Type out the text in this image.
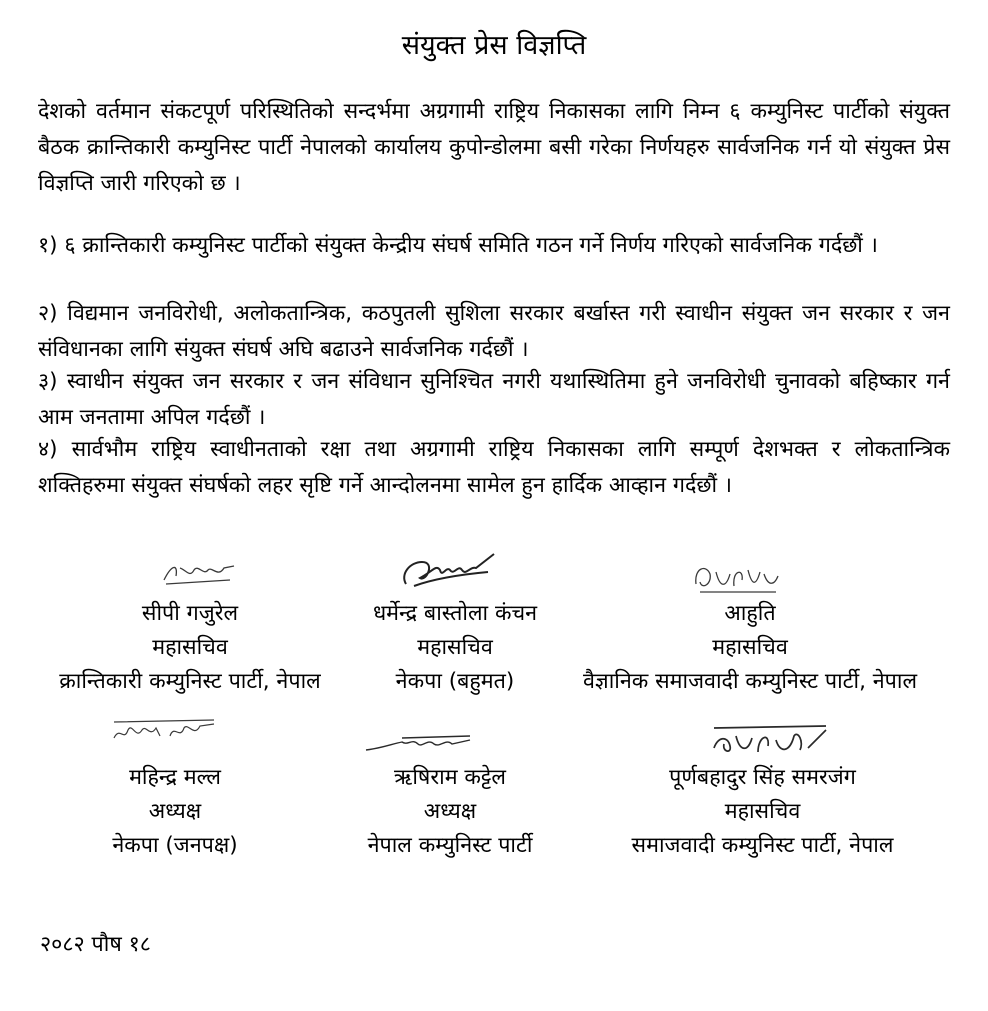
संयुक्त प्रेस विज्ञप्ति

देशको वर्तमान संकटपूर्ण परिस्थितिको सन्दर्भमा अग्रगामी राष्ट्रिय निकासका लागि निम्न ६ कम्युनिस्ट पार्टीको संयुक्त बैठक क्रान्तिकारी कम्युनिस्ट पार्टी नेपालको कार्यालय कुपोन्डोलमा बसी गरेका निर्णयहरु सार्वजनिक गर्न यो संयुक्त प्रेस विज्ञप्ति जारी गरिएको छ ।

१) ६ क्रान्तिकारी कम्युनिस्ट पार्टीको संयुक्त केन्द्रीय संघर्ष समिति गठन गर्ने निर्णय गरिएको सार्वजनिक गर्दछौं ।

२) विद्यमान जनविरोधी, अलोकतान्त्रिक, कठपुतली सुशिला सरकार बर्खास्त गरी स्वाधीन संयुक्त जन सरकार र जन संविधानका लागि संयुक्त संघर्ष अघि बढाउने सार्वजनिक गर्दछौं ।

३) स्वाधीन संयुक्त जन सरकार र जन संविधान सुनिश्चित नगरी यथास्थितिमा हुने जनविरोधी चुनावको बहिष्कार गर्न आम जनतामा अपिल गर्दछौं ।

४) सार्वभौम राष्ट्रिय स्वाधीनताको रक्षा तथा अग्रगामी राष्ट्रिय निकासका लागि सम्पूर्ण देशभक्त र लोकतान्त्रिक शक्तिहरुमा संयुक्त संघर्षको लहर सृष्टि गर्ने आन्दोलनमा सामेल हुन हार्दिक आव्हान गर्दछौं ।

सीपी गजुरेल
महासचिव
क्रान्तिकारी कम्युनिस्ट पार्टी, नेपाल
धर्मेन्द्र बास्तोला कंचन
महासचिव
नेकपा (बहुमत)
आहुति
महासचिव
वैज्ञानिक समाजवादी कम्युनिस्ट पार्टी, नेपाल
महिन्द्र मल्ल
अध्यक्ष
नेकपा (जनपक्ष)
ऋषिराम कट्टेल
अध्यक्ष
नेपाल कम्युनिस्ट पार्टी
पूर्णबहादुर सिंह समरजंग
महासचिव
समाजवादी कम्युनिस्ट पार्टी, नेपाल
२०८२ पौष १८
